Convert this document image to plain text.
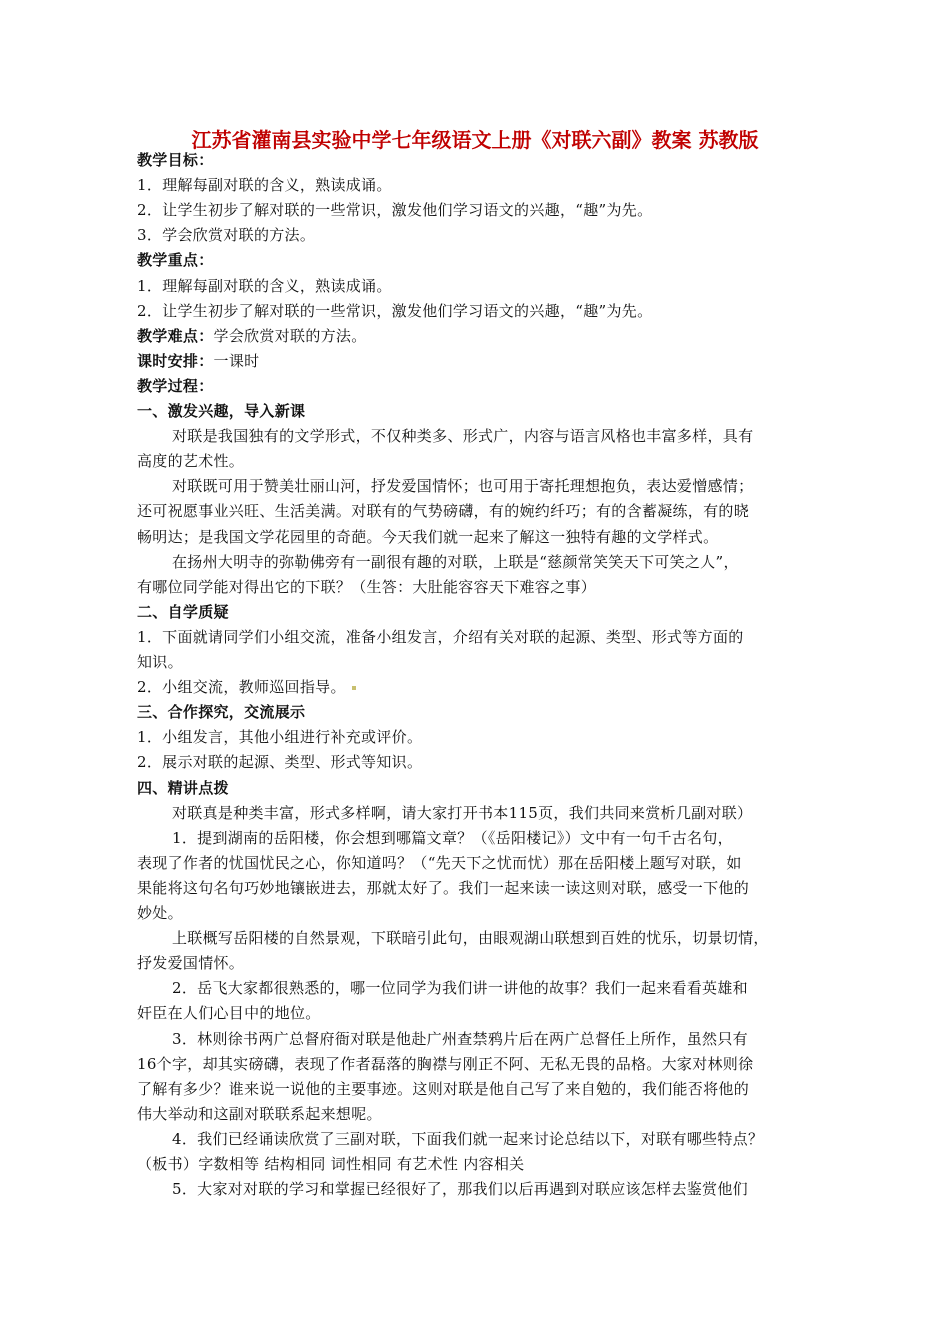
江苏省灌南县实验中学七年级语文上册《对联六副》教案 苏教版
教学目标：
1．理解每副对联的含义，熟读成诵。
2．让学生初步了解对联的一些常识，激发他们学习语文的兴趣，“趣”为先。
3．学会欣赏对联的方法。
教学重点：
1．理解每副对联的含义，熟读成诵。
2．让学生初步了解对联的一些常识，激发他们学习语文的兴趣，“趣”为先。
教学难点：学会欣赏对联的方法。
课时安排：一课时
教学过程：
一、激发兴趣，导入新课
对联是我国独有的文学形式，不仅种类多、形式广，内容与语言风格也丰富多样，具有
高度的艺术性。
对联既可用于赞美壮丽山河，抒发爱国情怀；也可用于寄托理想抱负，表达爱憎感情；
还可祝愿事业兴旺、生活美满。对联有的气势磅礴，有的婉约纤巧；有的含蓄凝练，有的晓
畅明达；是我国文学花园里的奇葩。今天我们就一起来了解这一独特有趣的文学样式。
在扬州大明寺的弥勒佛旁有一副很有趣的对联，上联是“慈颜常笑笑天下可笑之人”，
有哪位同学能对得出它的下联？（生答：大肚能容容天下难容之事）
二、自学质疑
1．下面就请同学们小组交流，准备小组发言，介绍有关对联的起源、类型、形式等方面的
知识。
2．小组交流，教师巡回指导。
三、合作探究，交流展示
1．小组发言，其他小组进行补充或评价。
2．展示对联的起源、类型、形式等知识。
四、精讲点拨
对联真是种类丰富，形式多样啊，请大家打开书本115页，我们共同来赏析几副对联）
1．提到湖南的岳阳楼，你会想到哪篇文章？（《岳阳楼记》）文中有一句千古名句，
表现了作者的忧国忧民之心，你知道吗？（“先天下之忧而忧）那在岳阳楼上题写对联，如
果能将这句名句巧妙地镶嵌进去，那就太好了。我们一起来读一读这则对联，感受一下他的
妙处。
上联概写岳阳楼的自然景观，下联暗引此句，由眼观湖山联想到百姓的忧乐，切景切情，
抒发爱国情怀。
2．岳飞大家都很熟悉的，哪一位同学为我们讲一讲他的故事？我们一起来看看英雄和
奸臣在人们心目中的地位。
3．林则徐书两广总督府衙对联是他赴广州查禁鸦片后在两广总督任上所作，虽然只有
16个字，却其实磅礴，表现了作者磊落的胸襟与刚正不阿、无私无畏的品格。大家对林则徐
了解有多少？谁来说一说他的主要事迹。这则对联是他自己写了来自勉的，我们能否将他的
伟大举动和这副对联联系起来想呢。
4．我们已经诵读欣赏了三副对联，下面我们就一起来讨论总结以下，对联有哪些特点？
（板书）字数相等 结构相同 词性相同 有艺术性 内容相关
5．大家对对联的学习和掌握已经很好了，那我们以后再遇到对联应该怎样去鉴赏他们
